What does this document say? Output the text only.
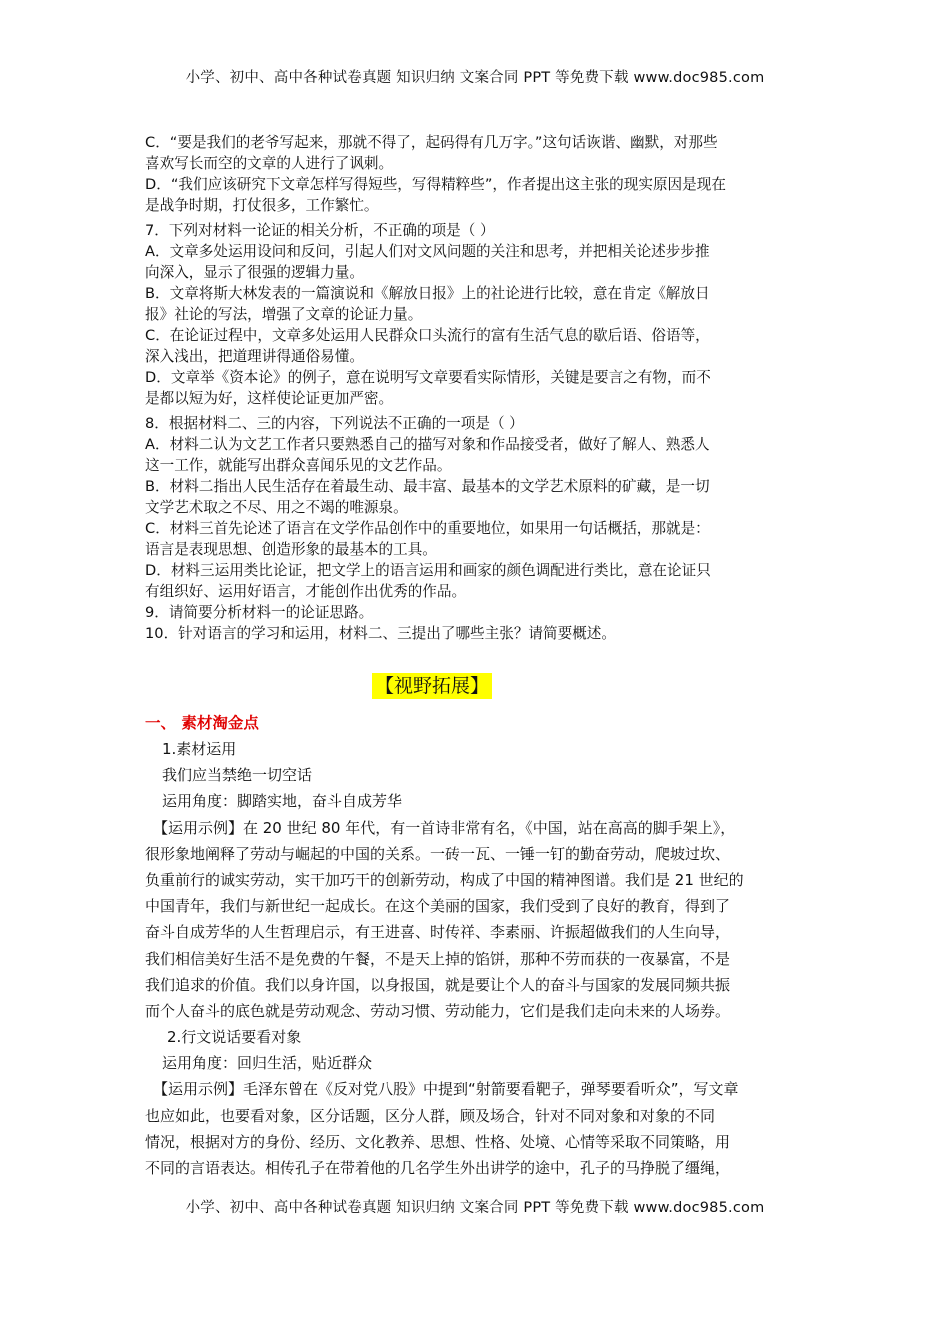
小学、初中、高中各种试卷真题 知识归纳 文案合同 PPT 等免费下载 www.doc985.com
C．“要是我们的老爷写起来，那就不得了，起码得有几万字。”这句话诙谐、幽默，对那些
喜欢写长而空的文章的人进行了讽刺。
D．“我们应该研究下文章怎样写得短些，写得精粹些”，作者提出这主张的现实原因是现在
是战争时期，打仗很多，工作繁忙。
7．下列对材料一论证的相关分析，不正确的项是（ ）
A．文章多处运用设问和反问，引起人们对文风问题的关注和思考，并把相关论述步步推
向深入，显示了很强的逻辑力量。
B．文章将斯大林发表的一篇演说和《解放日报》上的社论进行比较，意在肯定《解放日
报》社论的写法，增强了文章的论证力量。
C．在论证过程中，文章多处运用人民群众口头流行的富有生活气息的歇后语、俗语等，
深入浅出，把道理讲得通俗易懂。
D．文章举《资本论》的例子，意在说明写文章要看实际情形，关键是要言之有物，而不
是都以短为好，这样使论证更加严密。
8．根据材料二、三的内容，下列说法不正确的一项是（ ）
A．材料二认为文艺工作者只要熟悉自己的描写对象和作品接受者，做好了解人、熟悉人
这一工作，就能写出群众喜闻乐见的文艺作品。
B．材料二指出人民生活存在着最生动、最丰富、最基本的文学艺术原料的矿藏，是一切
文学艺术取之不尽、用之不竭的唯源泉。
C．材料三首先论述了语言在文学作品创作中的重要地位，如果用一句话概括，那就是：
语言是表现思想、创造形象的最基本的工具。
D．材料三运用类比论证，把文学上的语言运用和画家的颜色调配进行类比，意在论证只
有组织好、运用好语言，才能创作出优秀的作品。
9．请简要分析材料一的论证思路。
10．针对语言的学习和运用，材料二、三提出了哪些主张？请简要概述。
【视野拓展】
一、 素材淘金点
1.素材运用
我们应当禁绝一切空话
运用角度：脚踏实地，奋斗自成芳华
【运用示例】在 20 世纪 80 年代，有一首诗非常有名，《中国，站在高高的脚手架上》，
很形象地阐释了劳动与崛起的中国的关系。一砖一瓦、一锤一钉的勤奋劳动，爬坡过坎、
负重前行的诚实劳动，实干加巧干的创新劳动，构成了中国的精神图谱。我们是 21 世纪的
中国青年，我们与新世纪一起成长。在这个美丽的国家，我们受到了良好的教育，得到了
奋斗自成芳华的人生哲理启示，有王进喜、时传祥、李素丽、许振超做我们的人生向导，
我们相信美好生活不是免费的午餐，不是天上掉的馅饼，那种不劳而获的一夜暴富，不是
我们追求的价值。我们以身许国，以身报国，就是要让个人的奋斗与国家的发展同频共振
而个人奋斗的底色就是劳动观念、劳动习惯、劳动能力，它们是我们走向未来的人场券。
2.行文说话要看对象
运用角度：回归生活，贴近群众
【运用示例】毛泽东曾在《反对党八股》中提到“射箭要看靶子，弹琴要看听众”，写文章
也应如此，也要看对象，区分话题，区分人群，顾及场合，针对不同对象和对象的不同
情况，根据对方的身份、经历、文化教养、思想、性格、处境、心情等采取不同策略，用
不同的言语表达。相传孔子在带着他的几名学生外出讲学的途中，孔子的马挣脱了缰绳，
小学、初中、高中各种试卷真题 知识归纳 文案合同 PPT 等免费下载 www.doc985.com
